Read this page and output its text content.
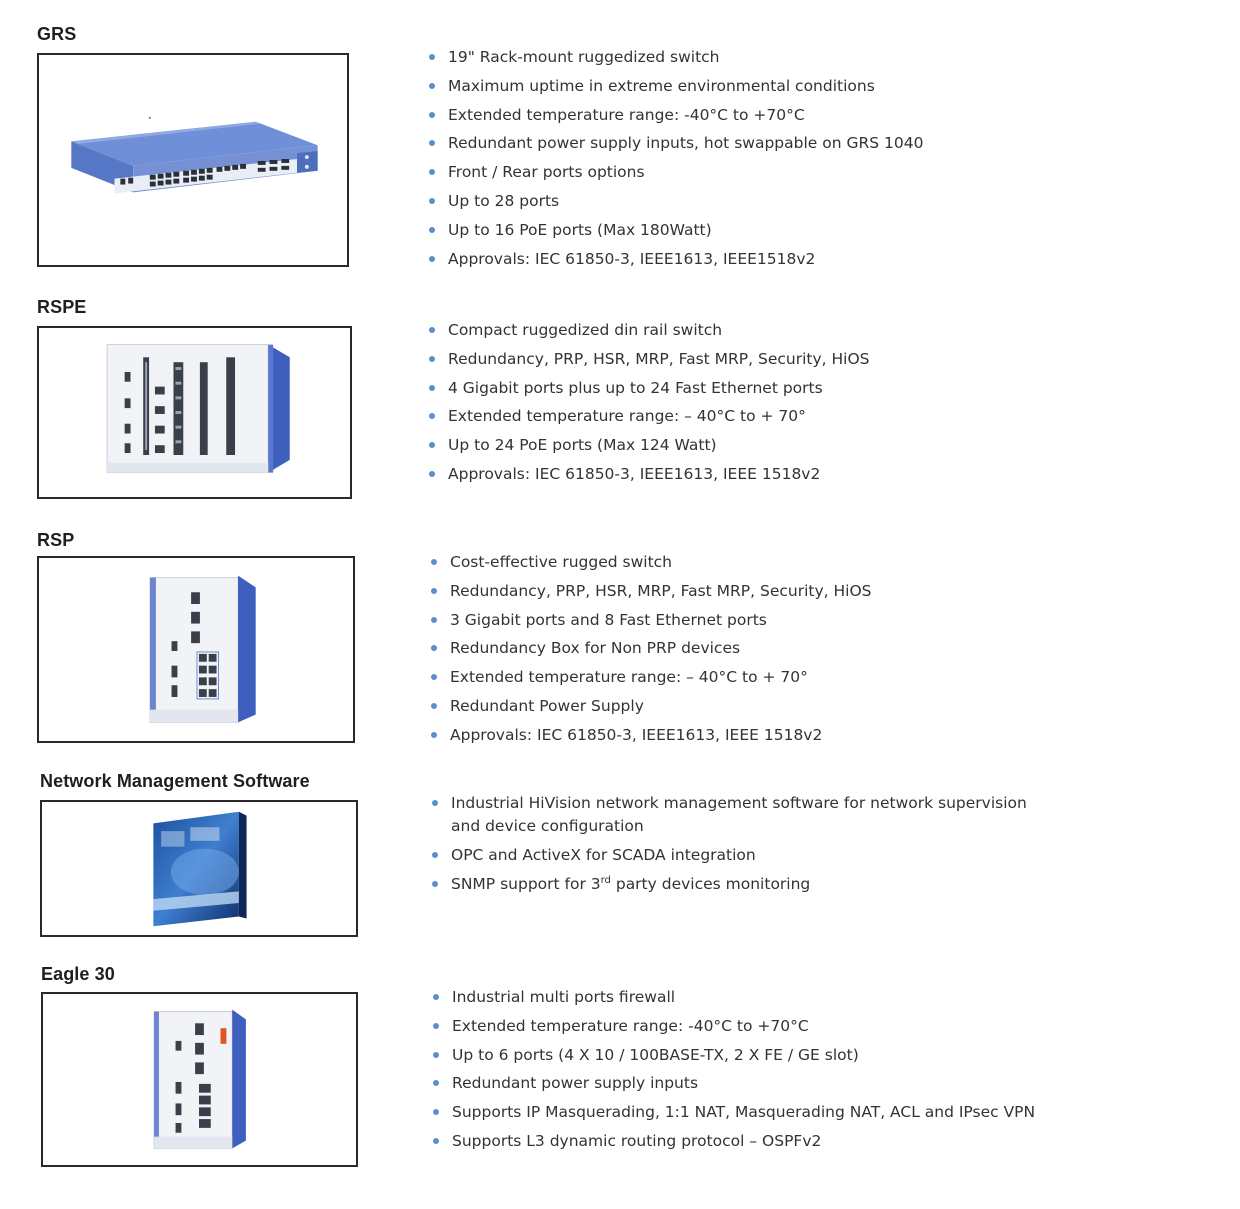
GRS
19" Rack-mount ruggedized switch
Maximum uptime in extreme environmental conditions
Extended temperature range: -40°C to +70°C
Redundant power supply inputs, hot swappable on GRS 1040
Front / Rear ports options
Up to 28 ports
Up to 16 PoE ports (Max 180Watt)
Approvals: IEC 61850-3, IEEE1613, IEEE1518v2
RSPE
Compact ruggedized din rail switch
Redundancy, PRP, HSR, MRP, Fast MRP, Security, HiOS
4 Gigabit ports plus up to 24 Fast Ethernet ports
Extended temperature range: – 40°C to + 70°
Up to 24 PoE ports (Max 124 Watt)
Approvals: IEC 61850-3, IEEE1613, IEEE 1518v2
RSP
Cost-effective rugged switch
Redundancy, PRP, HSR, MRP, Fast MRP, Security, HiOS
3 Gigabit ports and 8 Fast Ethernet ports
Redundancy Box for Non PRP devices
Extended temperature range: – 40°C to + 70°
Redundant Power Supply
Approvals: IEC 61850-3, IEEE1613, IEEE 1518v2
Network Management Software
Industrial HiVision network management software for network supervision and device configuration
OPC and ActiveX for SCADA integration
SNMP support for 3rd party devices monitoring
Eagle 30
Industrial multi ports firewall
Extended temperature range: -40°C to +70°C
Up to 6 ports (4 X 10 / 100BASE-TX, 2 X FE / GE slot)
Redundant power supply inputs
Supports IP Masquerading, 1:1 NAT, Masquerading NAT, ACL and IPsec VPN
Supports L3 dynamic routing protocol – OSPFv2
